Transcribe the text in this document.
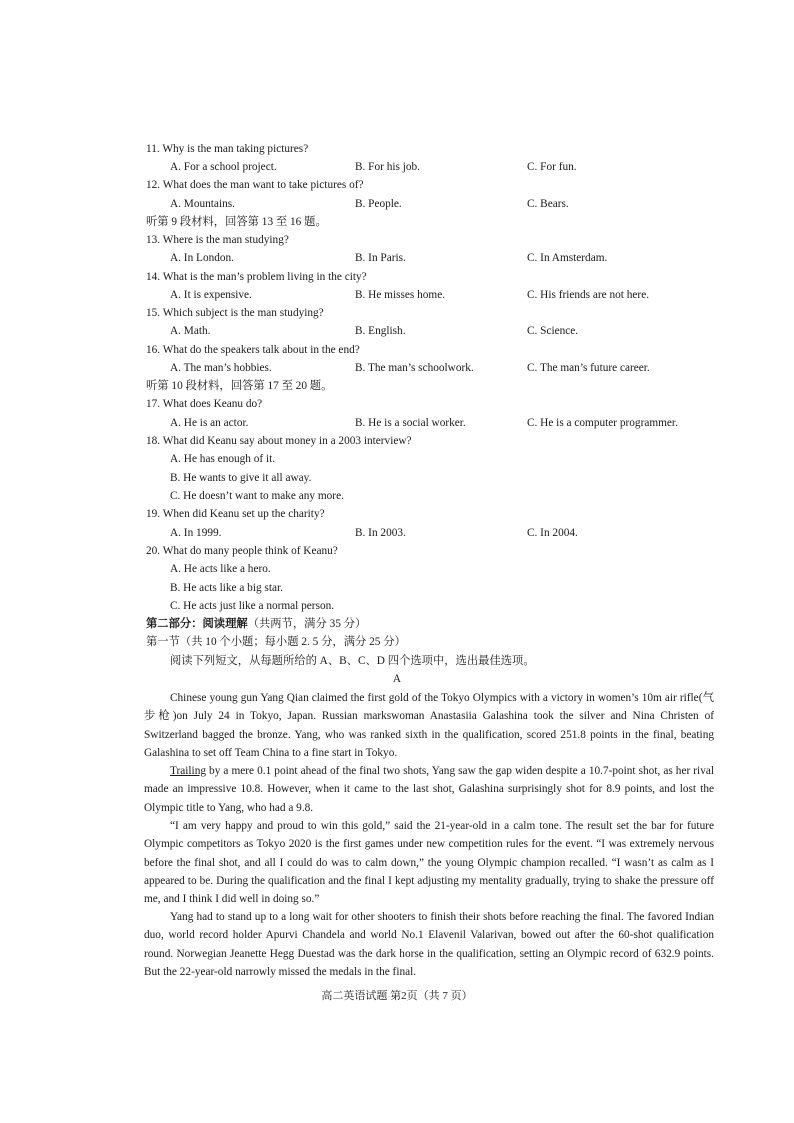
11. Why is the man taking pictures?
A. For a school project.	B. For his job.	C. For fun.
12. What does the man want to take pictures of?
A. Mountains.	B. People.	C. Bears.
听第 9 段材料，回答第 13 至 16 题。
13. Where is the man studying?
A. In London.	B. In Paris.	C. In Amsterdam.
14. What is the man’s problem living in the city?
A. It is expensive.	B. He misses home.	C. His friends are not here.
15. Which subject is the man studying?
A. Math.	B. English.	C. Science.
16. What do the speakers talk about in the end?
A. The man’s hobbies.	B. The man’s schoolwork.	C. The man’s future career.
听第 10 段材料，回答第 17 至 20 题。
17. What does Keanu do?
A. He is an actor.	B. He is a social worker.	C. He is a computer programmer.
18. What did Keanu say about money in a 2003 interview?
A. He has enough of it.
B. He wants to give it all away.
C. He doesn’t want to make any more.
19. When did Keanu set up the charity?
A. In 1999.	B. In 2003.	C. In 2004.
20. What do many people think of Keanu?
A. He acts like a hero.
B. He acts like a big star.
C. He acts just like a normal person.
第二部分：阅读理解（共两节，满分 35 分）
第一节（共 10 个小题；每小题 2. 5 分，满分 25 分）
阅读下列短文，从每题所给的 A、B、C、D 四个选项中，选出最佳选项。
A
Chinese young gun Yang Qian claimed the first gold of the Tokyo Olympics with a victory in women’s 10m air rifle(气步枪)on July 24 in Tokyo, Japan. Russian markswoman Anastasiia Galashina took the silver and Nina Christen of Switzerland bagged the bronze. Yang, who was ranked sixth in the qualification, scored 251.8 points in the final, beating Galashina to set off Team China to a fine start in Tokyo.
Trailing by a mere 0.1 point ahead of the final two shots, Yang saw the gap widen despite a 10.7-point shot, as her rival made an impressive 10.8. However, when it came to the last shot, Galashina surprisingly shot for 8.9 points, and lost the Olympic title to Yang, who had a 9.8.
“I am very happy and proud to win this gold,” said the 21-year-old in a calm tone. The result set the bar for future Olympic competitors as Tokyo 2020 is the first games under new competition rules for the event. “I was extremely nervous before the final shot, and all I could do was to calm down,” the young Olympic champion recalled. “I wasn’t as calm as I appeared to be. During the qualification and the final I kept adjusting my mentality gradually, trying to shake the pressure off me, and I think I did well in doing so.”
Yang had to stand up to a long wait for other shooters to finish their shots before reaching the final. The favored Indian duo, world record holder Apurvi Chandela and world No.1 Elavenil Valarivan, bowed out after the 60-shot qualification round. Norwegian Jeanette Hegg Duestad was the dark horse in the qualification, setting an Olympic record of 632.9 points. But the 22-year-old narrowly missed the medals in the final.
高二英语试题 第2页（共 7 页）
